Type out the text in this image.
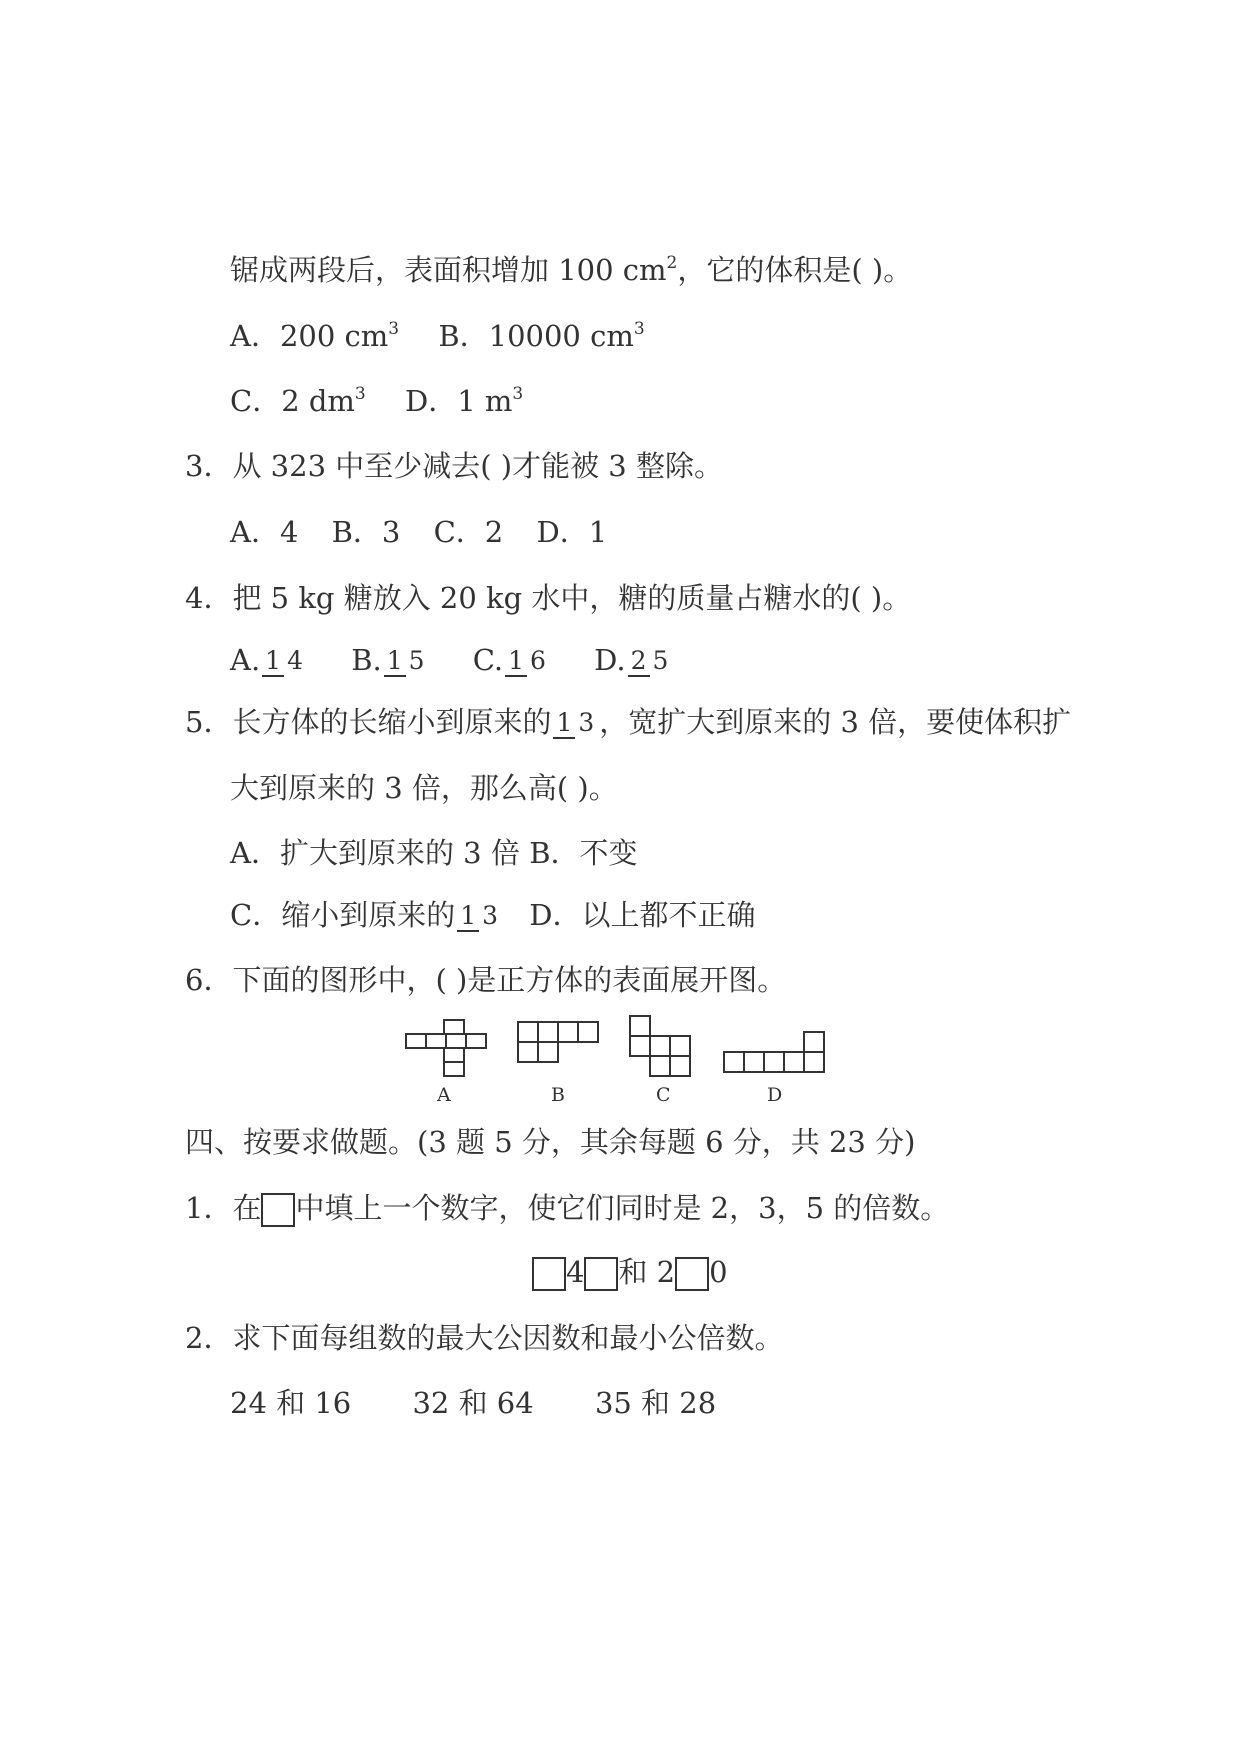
锯成两段后，表面积增加 100 $cm^2$，它的体积是( )。
A．200 $cm^3$ B．10000 $cm^3$
C．2 $dm^3$ D．1 $m^3$
3．从 323 中至少减去( )才能被 3 整除。
A．4 B．3 C．2 D．1
4．把 5 kg 糖放入 20 kg 水中，糖的质量占糖水的( )。
A. 1 4 B. 1 5 C. 1 6 D. 2 5
5．长方体的长缩小到原来的 1 3 ，宽扩大到原来的 3 倍，要使体积扩
大到原来的 3 倍，那么高( )。
A．扩大到原来的 3 倍 B．不变
C．缩小到原来的 1 3 D．以上都不正确
6．下面的图形中，( )是正方体的表面展开图。
A	B	C	D
四、按要求做题。(3 题 5 分，其余每题 6 分，共 23 分)
1．在 中填上一个数字，使它们同时是 2，3，5 的倍数。
4 和 2 0
2．求下面每组数的最大公因数和最小公倍数。
24 和 16 32 和 64 35 和 28
